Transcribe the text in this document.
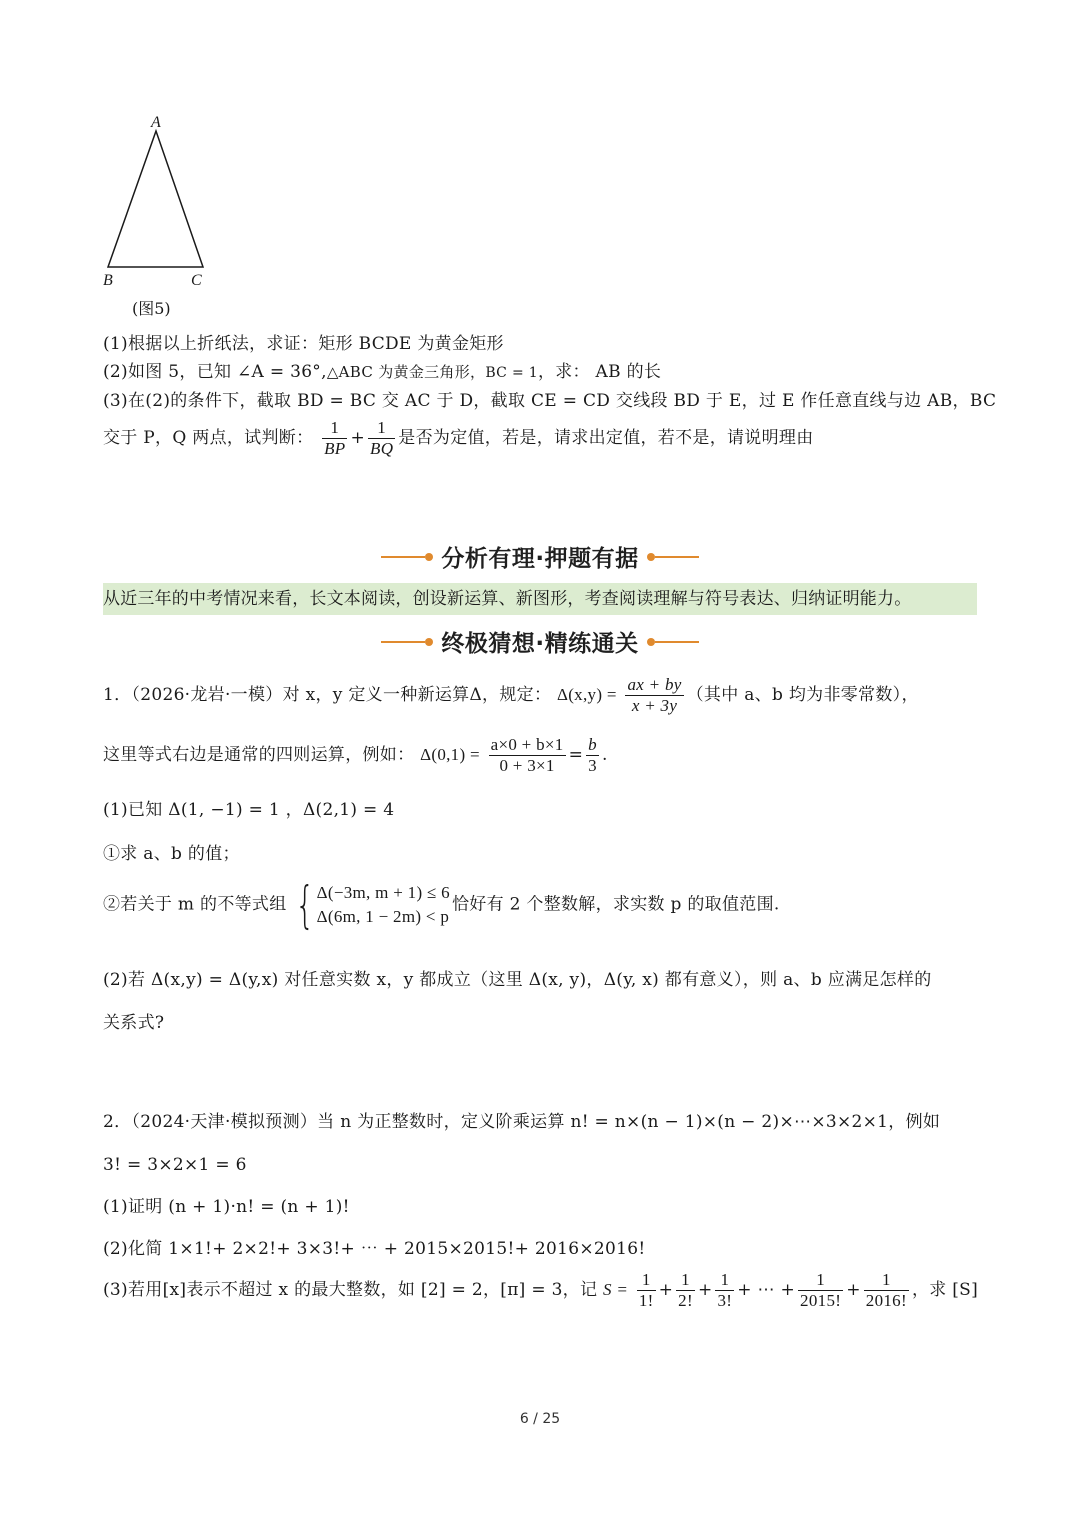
A
B	C
(图5)
(1)根据以上折纸法，求证：矩形 BCDE 为黄金矩形
(2)如图 5，已知 ∠A = 36°,△ABC 为黄金三角形，BC = 1，求： AB 的长
(3)在(2)的条件下，截取 BD = BC 交 AC 于 D，截取 CE = CD 交线段 BD 于 E，过 E 作任意直线与边 AB，BC
交于 P，Q 两点，试判断： $\frac{1}{BP} + \frac{1}{BQ}$ 是否为定值，若是，请求出定值，若不是，请说明理由
分析有理·押题有据
从近三年的中考情况来看，长文本阅读，创设新运算、新图形，考查阅读理解与符号表达、归纳证明能力。
终极猜想·精练通关
1．（2026·龙岩·一模）对 x，y 定义一种新运算Δ，规定： $\Delta(x,y) = \frac{ax + by}{x + 3y}$ （其中 a、b 均为非零常数），
这里等式右边是通常的四则运算，例如： $\Delta(0,1) = \frac{a\times 0 + b\times 1}{0 + 3\times 1} = \frac{b}{3}$ .
(1)已知 Δ(1, −1) = 1 ，Δ(2,1) = 4
①求 a、b 的值；
②若关于 m 的不等式组 { Δ(−3m, m + 1) ≤ 6
Δ(6m, 1 − 2m) < p
恰好有 2 个整数解，求实数 p 的取值范围.
(2)若 Δ(x,y) = Δ(y,x) 对任意实数 x，y 都成立（这里 Δ(x, y)，Δ(y, x) 都有意义），则 a、b 应满足怎样的
关系式?
2．（2024·天津·模拟预测）当 n 为正整数时，定义阶乘运算 n! = n×(n − 1)×(n − 2)×⋯×3×2×1，例如
3! = 3×2×1 = 6
(1)证明 (n + 1)·n! = (n + 1)!
(2)化简 1×1!+ 2×2!+ 3×3!+ ⋯ + 2015×2015!+ 2016×2016!
(3)若用[x]表示不超过 x 的最大整数，如 [2] = 2，[π] = 3，记 $S = \frac{1}{1!} + \frac{1}{2!} + \frac{1}{3!}$ + ⋯ + $\frac{1}{2015!} + \frac{1}{2016!}$ ，求 [S]
6 / 25
